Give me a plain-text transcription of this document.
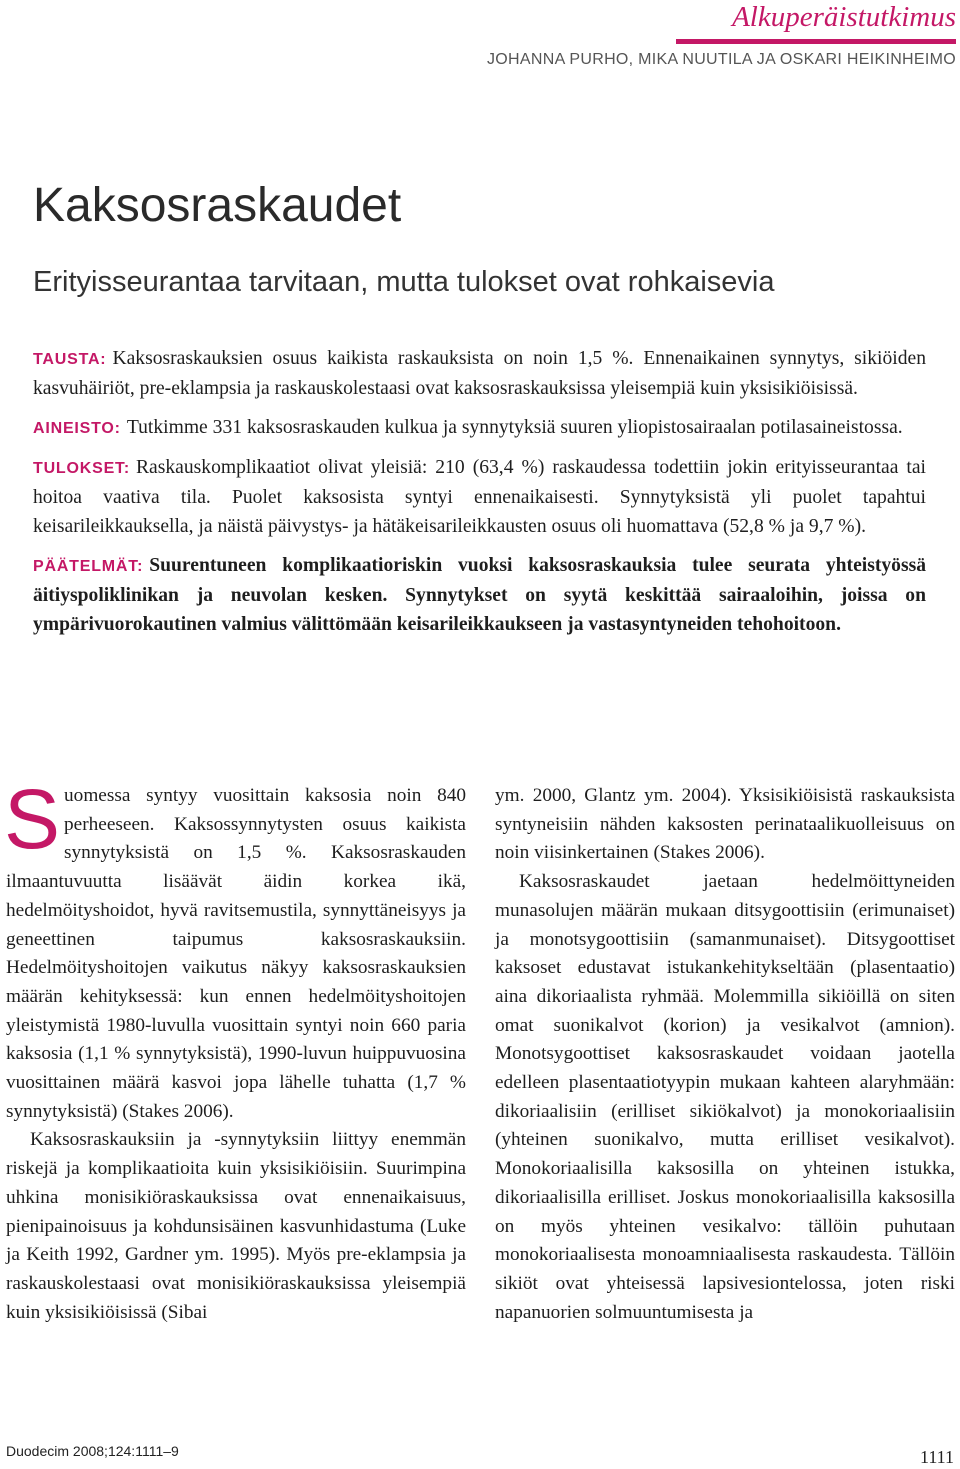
Alkuperäistutkimus
JOHANNA PURHO, MIKA NUUTILA JA OSKARI HEIKINHEIMO
Kaksosraskaudet
Erityisseurantaa tarvitaan, mutta tulokset ovat rohkaisevia

TAUSTA: Kaksosraskauksien osuus kaikista raskauksista on noin 1,5 %. Ennenaikainen synnytys, sikiöiden kasvuhäiriöt, pre-eklampsia ja raskauskolestaasi ovat kaksosraskauksissa yleisempiä kuin yksisikiöisissä.

AINEISTO: Tutkimme 331 kaksosraskauden kulkua ja synnytyksiä suuren yliopistosairaalan potilasaineistossa.

TULOKSET: Raskauskomplikaatiot olivat yleisiä: 210 (63,4 %) raskaudessa todettiin jokin erityisseurantaa tai hoitoa vaativa tila. Puolet kaksosista syntyi ennenaikaisesti. Synnytyksistä yli puolet tapahtui keisarileikkauksella, ja näistä päivystys- ja hätäkeisarileikkausten osuus oli huomattava (52,8 % ja 9,7 %).

PÄÄTELMÄT: Suurentuneen komplikaatioriskin vuoksi kaksosraskauksia tulee seurata yhteistyössä äitiyspoliklinikan ja neuvolan kesken. Synnytykset on syytä keskittää sairaaloihin, joissa on ympärivuorokautinen valmius välittömään keisarileikkaukseen ja vastasyntyneiden tehohoitoon.

Suomessa syntyy vuosittain kaksosia noin 840 perheeseen. Kaksossynnytysten osuus kaikista synnytyksistä on 1,5 %. Kaksosraskauden ilmaantuvuutta lisäävät äidin korkea ikä, hedelmöityshoidot, hyvä ravitsemustila, synnyttäneisyys ja geneettinen taipumus kaksosraskauksiin. Hedelmöityshoitojen vaikutus näkyy kaksosraskauksien määrän kehityksessä: kun ennen hedelmöityshoitojen yleistymistä 1980-luvulla vuosittain syntyi noin 660 paria kaksosia (1,1 % synnytyksistä), 1990-luvun huippuvuosina vuosittainen määrä kasvoi jopa lähelle tuhatta (1,7 % synnytyksistä) (Stakes 2006).

Kaksosraskauksiin ja -synnytyksiin liittyy enemmän riskejä ja komplikaatioita kuin yksisikiöisiin. Suurimpina uhkina monisikiöraskauksissa ovat ennenaikaisuus, pienipainoisuus ja kohdunsisäinen kasvunhidastuma (Luke ja Keith 1992, Gardner ym. 1995). Myös pre-eklampsia ja raskauskolestaasi ovat monisikiöraskauksissa yleisempiä kuin yksisikiöisissä (Sibai

ym. 2000, Glantz ym. 2004). Yksisikiöisistä raskauksista syntyneisiin nähden kaksosten perinataalikuolleisuus on noin viisinkertainen (Stakes 2006).

Kaksosraskaudet jaetaan hedelmöittyneiden munasolujen määrän mukaan ditsygoottisiin (erimunaiset) ja monotsygoottisiin (samanmunaiset). Ditsygoottiset kaksoset edustavat istukankehitykseltään (plasentaatio) aina dikoriaalista ryhmää. Molemmilla sikiöillä on siten omat suonikalvot (korion) ja vesikalvot (amnion). Monotsygoottiset kaksosraskaudet voidaan jaotella edelleen plasentaatiotyypin mukaan kahteen alaryhmään: dikoriaalisiin (erilliset sikiökalvot) ja monokoriaalisiin (yhteinen suonikalvo, mutta erilliset vesikalvot). Monokoriaalisilla kaksosilla on yhteinen istukka, dikoriaalisilla erilliset. Joskus monokoriaalisilla kaksosilla on myös yhteinen vesikalvo: tällöin puhutaan monokoriaalisesta monoamniaalisesta raskaudesta. Tällöin sikiöt ovat yhteisessä lapsivesiontelossa, joten riski napanuorien solmuuntumisesta ja

Duodecim 2008;124:1111–9	1111
